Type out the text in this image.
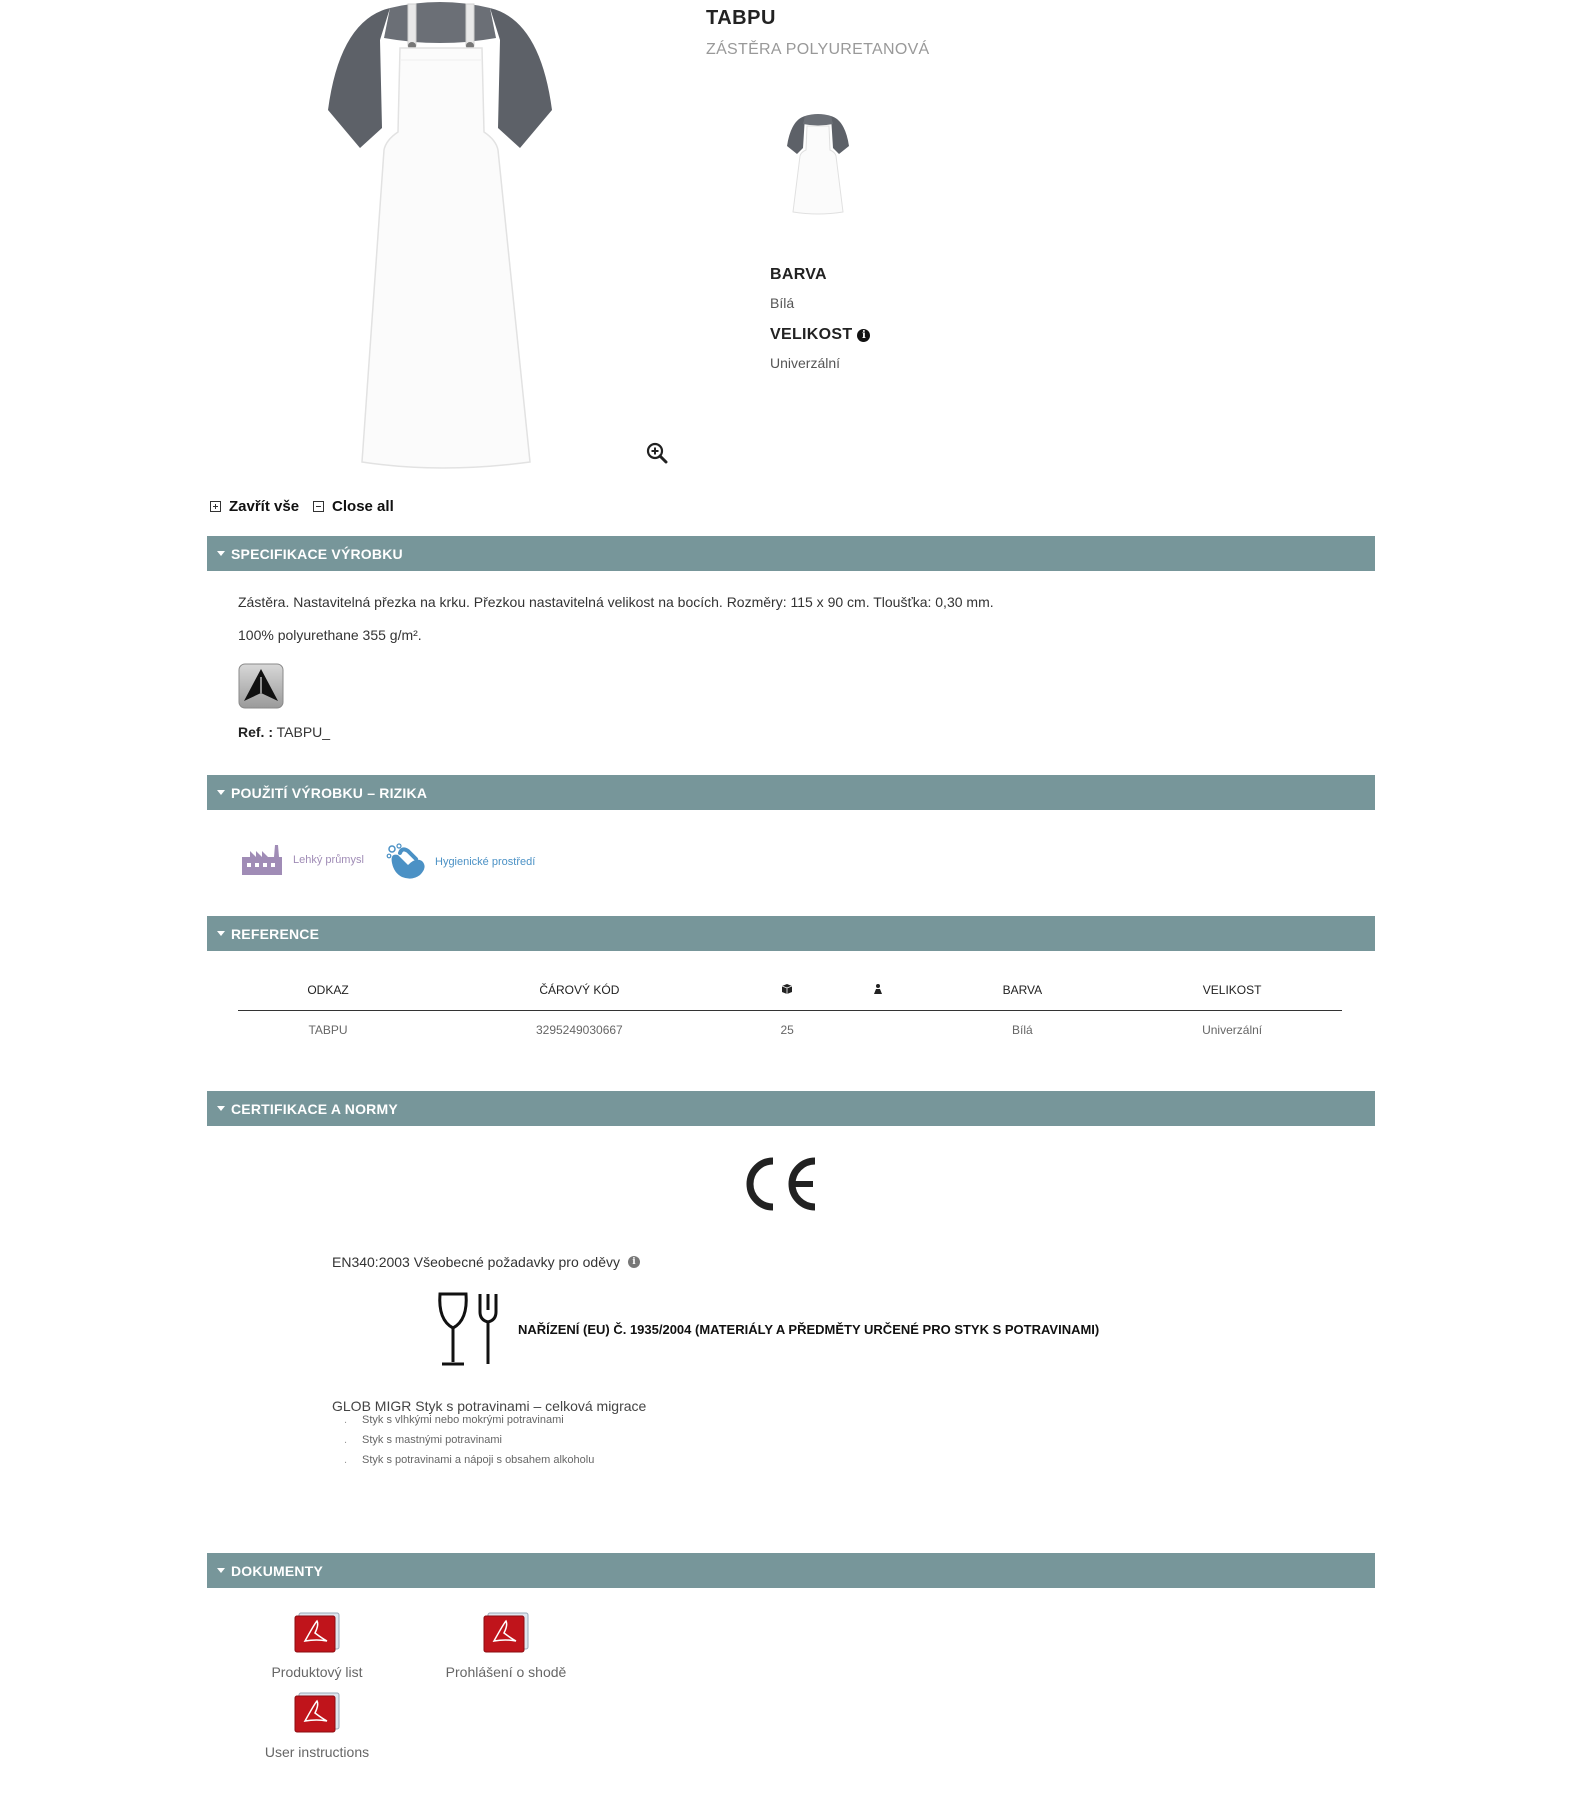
TABPU
ZÁSTĚRA POLYURETANOVÁ
BARVA
Bílá
VELIKOST i
Univerzální
Zavřít vše Close all
SPECIFIKACE VÝROBKU
Zástěra. Nastavitelná přezka na krku. Přezkou nastavitelná velikost na bocích. Rozměry: 115 x 90 cm. Tloušťka: 0,30 mm.
100% polyurethane 355 g/m².
Ref. : TABPU_
POUŽITÍ VÝROBKU – RIZIKA
Lehký průmysl	Hygienické prostředí
REFERENCE
ODKAZ	ČÁROVÝ KÓD			BARVA	VELIKOST
TABPU	3295249030667	25		Bílá	Univerzální
CERTIFIKACE A NORMY
EN340:2003 Všeobecné požadavky pro oděvy	i
NAŘÍZENÍ (EU) Č. 1935/2004 (MATERIÁLY A PŘEDMĚTY URČENÉ PRO STYK S POTRAVINAMI)
GLOB MIGR Styk s potravinami – celková migrace
. Styk s vlhkými nebo mokrými potravinami
. Styk s mastnými potravinami
. Styk s potravinami a nápoji s obsahem alkoholu
DOKUMENTY
Produktový list	Prohlášení o shodě
User instructions
